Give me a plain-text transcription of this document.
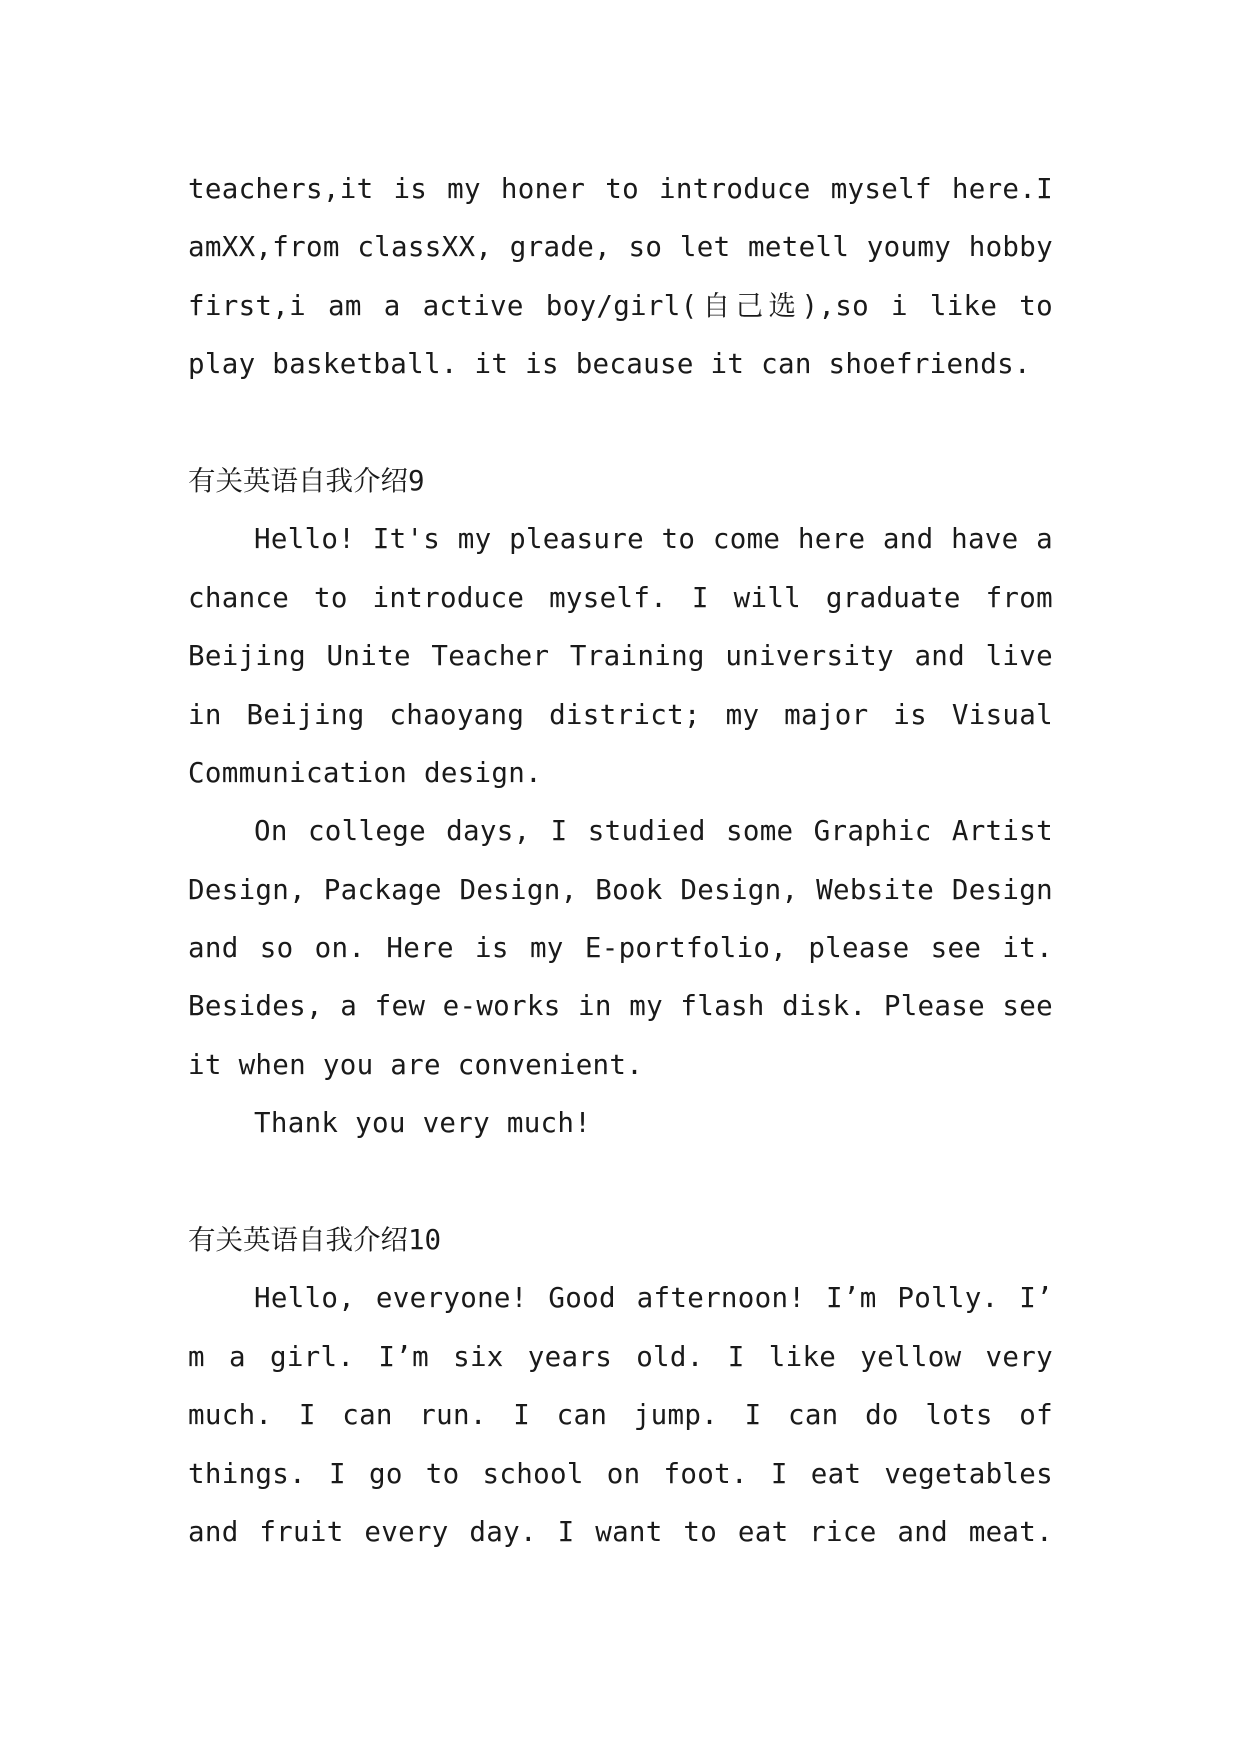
teachers,it is my honer to introduce myself here.I
amXX,from classXX, grade, so let metell youmy hobby
first,i am a active boy/girl(自己选),so i like to
play basketball. it is because it can shoefriends.
有关英语自我介绍9
Hello! It's my pleasure to come here and have a
chance to introduce myself. I will graduate from
Beijing Unite Teacher Training university and live
in Beijing chaoyang district; my major is Visual
Communication design.
On college days, I studied some Graphic Artist
Design, Package Design, Book Design, Website Design
and so on. Here is my E-portfolio, please see it.
Besides, a few e-works in my flash disk. Please see
it when you are convenient.
Thank you very much!
有关英语自我介绍10
Hello, everyone! Good afternoon! I’m Polly. I’
m a girl. I’m six years old. I like yellow very
much. I can run. I can jump. I can do lots of
things. I go to school on foot. I eat vegetables
and fruit every day. I want to eat rice and meat.
